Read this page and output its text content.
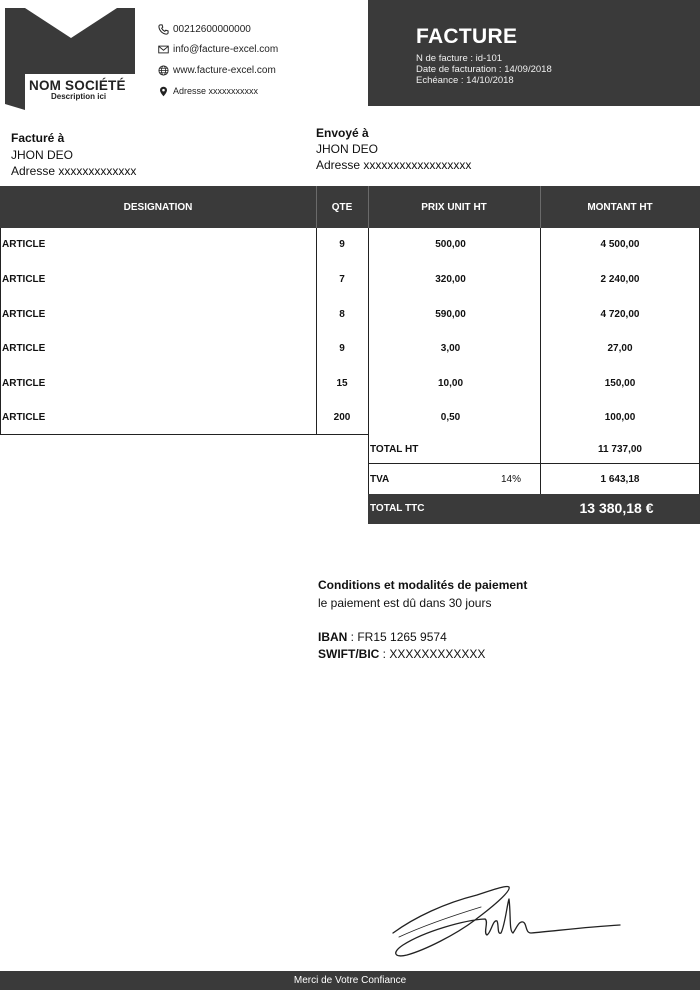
NOM SOCIÉTÉ
Description ici
00212600000000
info@facture-excel.com
www.facture-excel.com
Adresse xxxxxxxxxxx
FACTURE
N de facture : id-101
Date de facturation : 14/09/2018
Echéance : 14/10/2018
Facturé à
JHON DEO
Adresse xxxxxxxxxxxxx
Envoyé à
JHON DEO
Adresse xxxxxxxxxxxxxxxxxx
DESIGNATION	QTE	PRIX UNIT HT	MONTANT HT
ARTICLE	9	500,00	4 500,00
ARTICLE	7	320,00	2 240,00
ARTICLE	8	590,00	4 720,00
ARTICLE	9	3,00	27,00
ARTICLE	15	10,00	150,00
ARTICLE	200	0,50	100,00
TOTAL HT	11 737,00
TVA	14%	1 643,18
TOTAL TTC	13 380,18 €
Conditions et modalités de paiement
le paiement est dû dans 30 jours
IBAN : FR15 1265 9574
SWIFT/BIC : XXXXXXXXXXXX
Merci de Votre Confiance
